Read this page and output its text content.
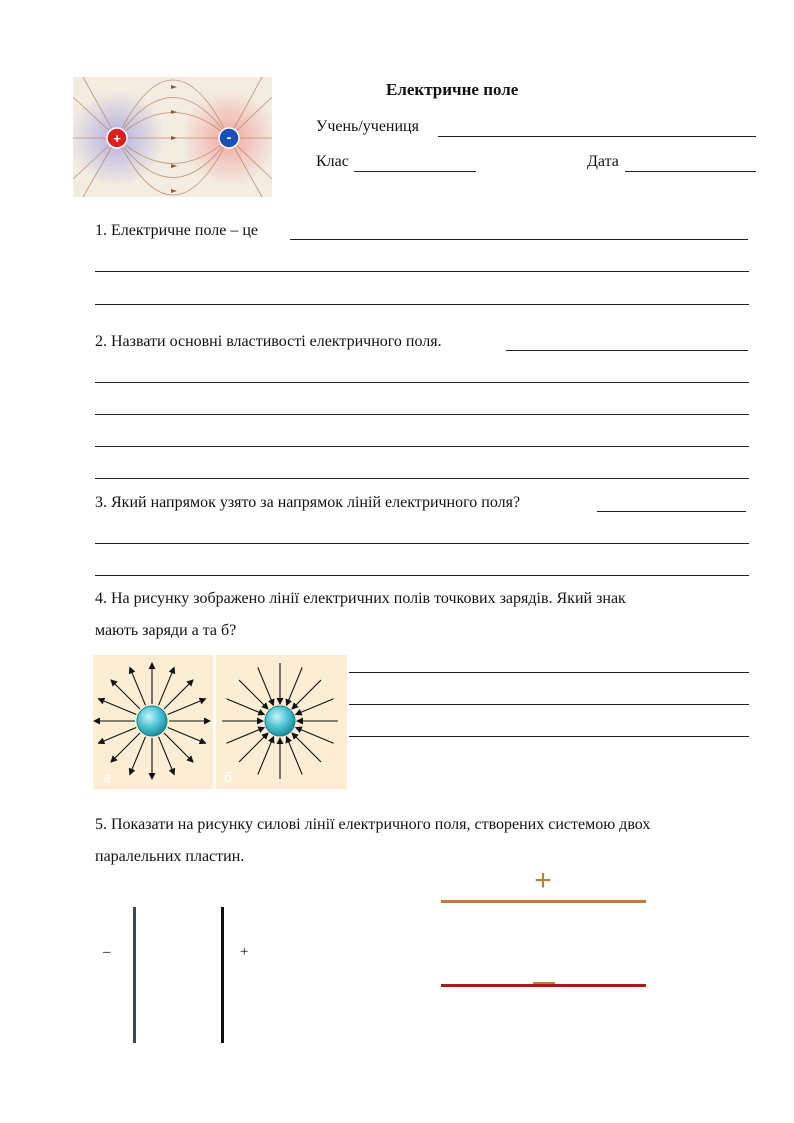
+	-
Електричне поле
Учень/учениця
Клас	Дата
1. Електричне поле – це
2. Назвати основні властивості електричного поля.
3. Який напрямок узято за напрямок ліній електричного поля?
4. На рисунку зображено лінії електричних полів точкових зарядів. Який знак
мають заряди а та б?
а	б
5. Показати на рисунку силові лінії електричного поля, створених системою двох
паралельних пластин.
–	+
+
